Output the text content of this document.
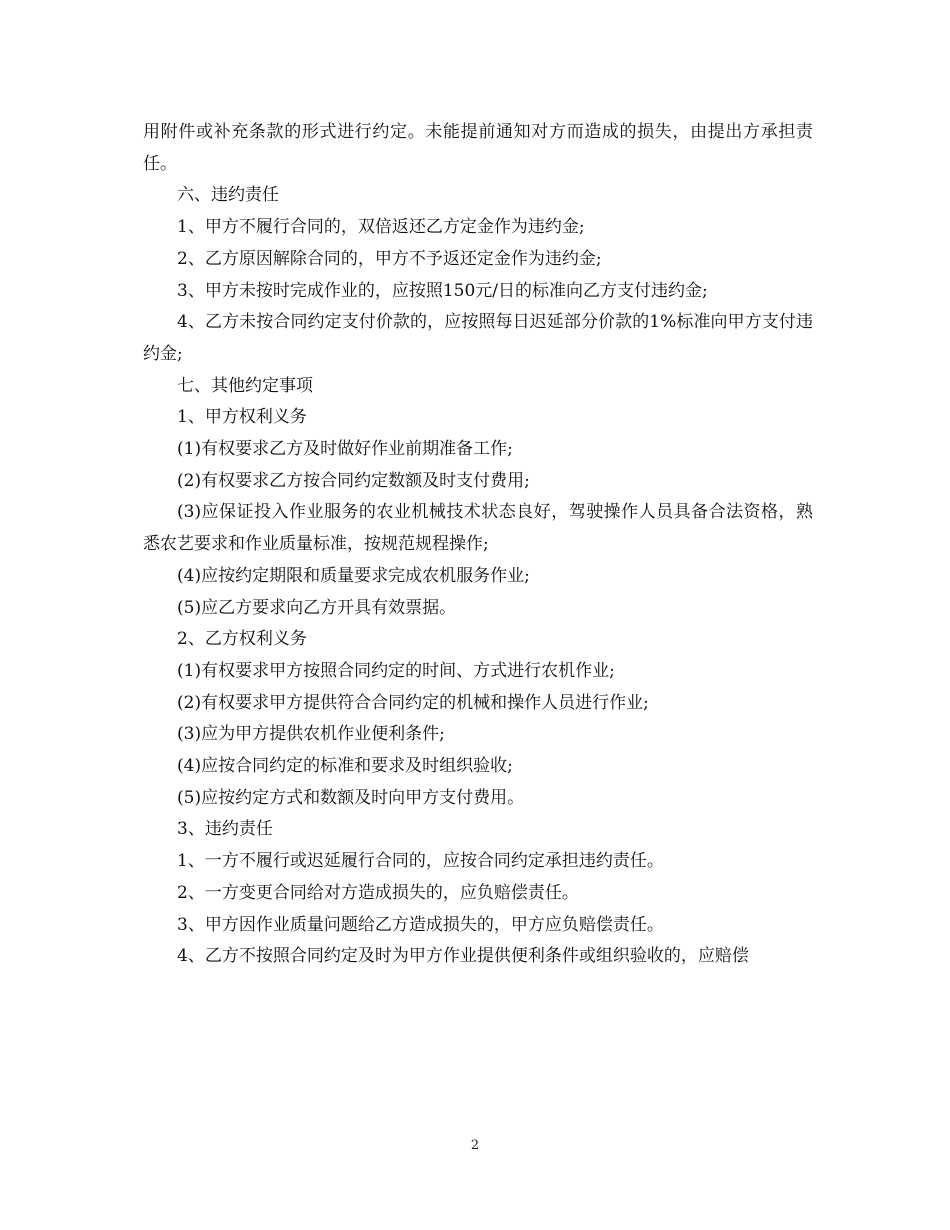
用附件或补充条款的形式进行约定。未能提前通知对方而造成的损失，由提出方承担责任。

六、违约责任

1、甲方不履行合同的，双倍返还乙方定金作为违约金;

2、乙方原因解除合同的，甲方不予返还定金作为违约金;

3、甲方未按时完成作业的，应按照150元/日的标准向乙方支付违约金;

4、乙方未按合同约定支付价款的，应按照每日迟延部分价款的1%标准向甲方支付违约金;

七、其他约定事项

1、甲方权利义务

(1)有权要求乙方及时做好作业前期准备工作;

(2)有权要求乙方按合同约定数额及时支付费用;

(3)应保证投入作业服务的农业机械技术状态良好，驾驶操作人员具备合法资格，熟悉农艺要求和作业质量标准，按规范规程操作;

(4)应按约定期限和质量要求完成农机服务作业;

(5)应乙方要求向乙方开具有效票据。

2、乙方权利义务

(1)有权要求甲方按照合同约定的时间、方式进行农机作业;

(2)有权要求甲方提供符合合同约定的机械和操作人员进行作业;

(3)应为甲方提供农机作业便利条件;

(4)应按合同约定的标准和要求及时组织验收;

(5)应按约定方式和数额及时向甲方支付费用。

3、违约责任

1、一方不履行或迟延履行合同的，应按合同约定承担违约责任。

2、一方变更合同给对方造成损失的，应负赔偿责任。

3、甲方因作业质量问题给乙方造成损失的，甲方应负赔偿责任。

4、乙方不按照合同约定及时为甲方作业提供便利条件或组织验收的，应赔偿

2
